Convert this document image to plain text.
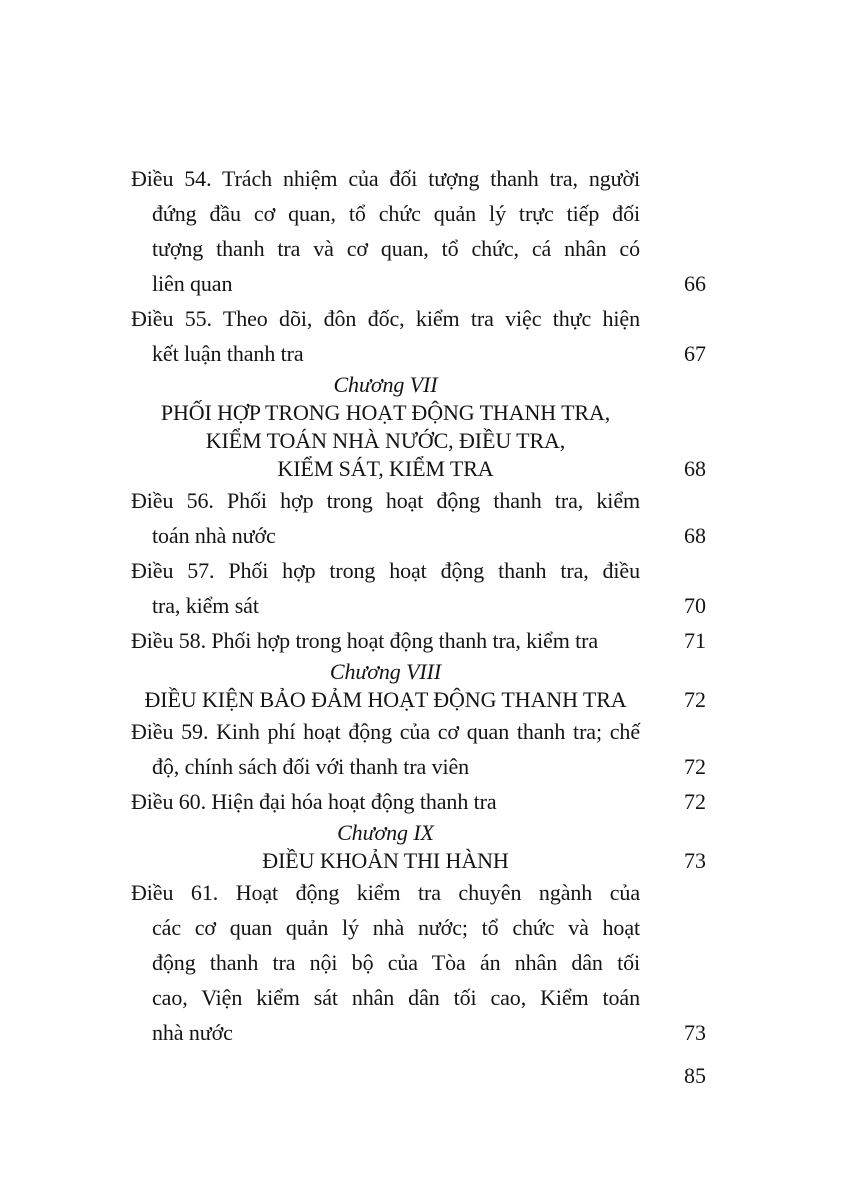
Điều 54. Trách nhiệm của đối tượng thanh tra, người
đứng đầu cơ quan, tổ chức quản lý trực tiếp đối
tượng thanh tra và cơ quan, tổ chức, cá nhân có
liên quan	66
Điều 55. Theo dõi, đôn đốc, kiểm tra việc thực hiện
kết luận thanh tra	67
Chương VII
PHỐI HỢP TRONG HOẠT ĐỘNG THANH TRA,
KIỂM TOÁN NHÀ NƯỚC, ĐIỀU TRA,
KIỂM SÁT, KIỂM TRA	68
Điều 56. Phối hợp trong hoạt động thanh tra, kiểm
toán nhà nước	68
Điều 57. Phối hợp trong hoạt động thanh tra, điều
tra, kiểm sát	70
Điều 58. Phối hợp trong hoạt động thanh tra, kiểm tra	71
Chương VIII
ĐIỀU KIỆN BẢO ĐẢM HOẠT ĐỘNG THANH TRA	72
Điều 59. Kinh phí hoạt động của cơ quan thanh tra; chế
độ, chính sách đối với thanh tra viên	72
Điều 60. Hiện đại hóa hoạt động thanh tra	72
Chương IX
ĐIỀU KHOẢN THI HÀNH	73
Điều 61. Hoạt động kiểm tra chuyên ngành của
các cơ quan quản lý nhà nước; tổ chức và hoạt
động thanh tra nội bộ của Tòa án nhân dân tối
cao, Viện kiểm sát nhân dân tối cao, Kiểm toán
nhà nước	73
85
